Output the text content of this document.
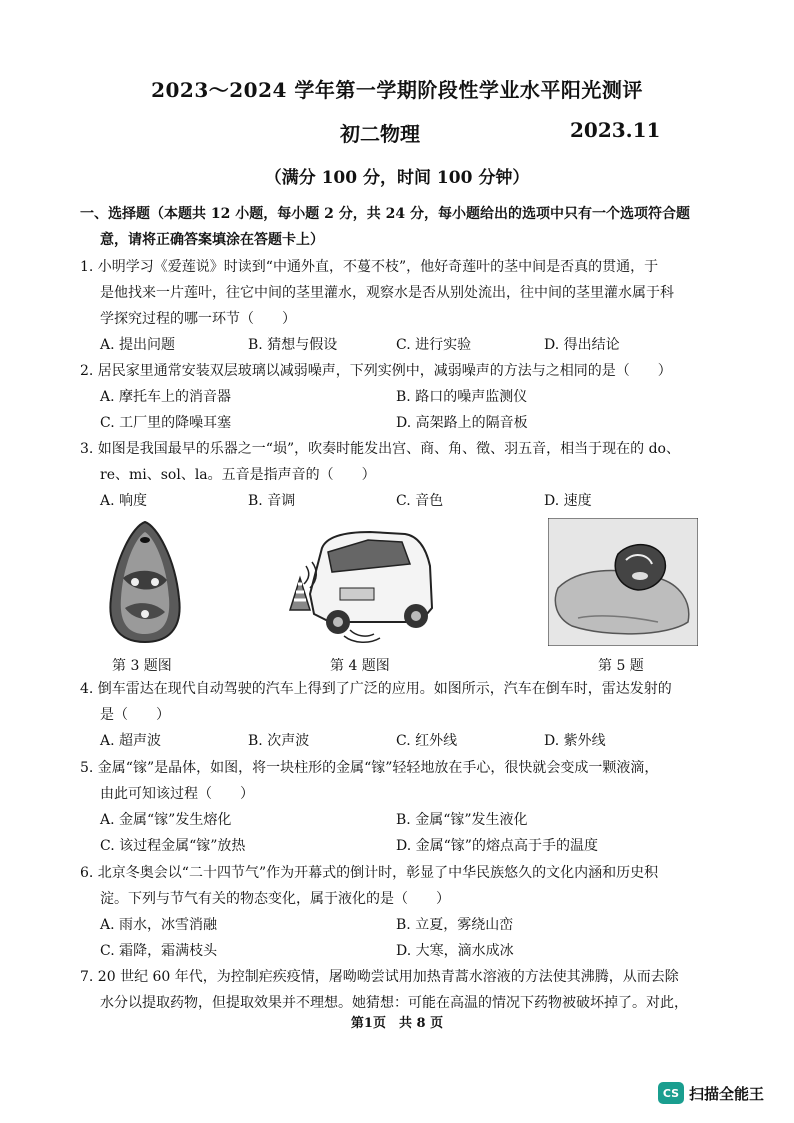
2023～2024 学年第一学期阶段性学业水平阳光测评
初二物理	2023.11
（满分 100 分，时间 100 分钟）
一、选择题（本题共 12 小题，每小题 2 分，共 24 分，每小题给出的选项中只有一个选项符合题
意，请将正确答案填涂在答题卡上）
1. 小明学习《爱莲说》时读到“中通外直，不蔓不枝”，他好奇莲叶的茎中间是否真的贯通，于
是他找来一片莲叶，往它中间的茎里灌水，观察水是否从别处流出，往中间的茎里灌水属于科
学探究过程的哪一环节（　　）
A. 提出问题	B. 猜想与假设	C. 进行实验	D. 得出结论
2. 居民家里通常安装双层玻璃以减弱噪声，下列实例中，减弱噪声的方法与之相同的是（　　）
A. 摩托车上的消音器	B. 路口的噪声监测仪
C. 工厂里的降噪耳塞	D. 高架路上的隔音板
3. 如图是我国最早的乐器之一“埙”，吹奏时能发出宫、商、角、徵、羽五音，相当于现在的 do、
re、mi、sol、la。五音是指声音的（　　）
A. 响度	B. 音调	C. 音色	D. 速度
第 3 题图	第 4 题图	第 5 题
4. 倒车雷达在现代自动驾驶的汽车上得到了广泛的应用。如图所示，汽车在倒车时，雷达发射的
是（　　）
A. 超声波	B. 次声波	C. 红外线	D. 紫外线
5. 金属“镓”是晶体，如图，将一块柱形的金属“镓”轻轻地放在手心，很快就会变成一颗液滴，
由此可知该过程（　　）
A. 金属“镓”发生熔化	B. 金属“镓”发生液化
C. 该过程金属“镓”放热	D. 金属“镓”的熔点高于手的温度
6. 北京冬奥会以“二十四节气”作为开幕式的倒计时，彰显了中华民族悠久的文化内涵和历史积
淀。下列与节气有关的物态变化，属于液化的是（　　）
A. 雨水，冰雪消融	B. 立夏，雾绕山峦
C. 霜降，霜满枝头	D. 大寒，滴水成冰
7. 20 世纪 60 年代，为控制疟疾疫情，屠呦呦尝试用加热青蒿水溶液的方法使其沸腾，从而去除
水分以提取药物，但提取效果并不理想。她猜想：可能在高温的情况下药物被破坏掉了。对此，
第1页　共 8 页
CS 扫描全能王
